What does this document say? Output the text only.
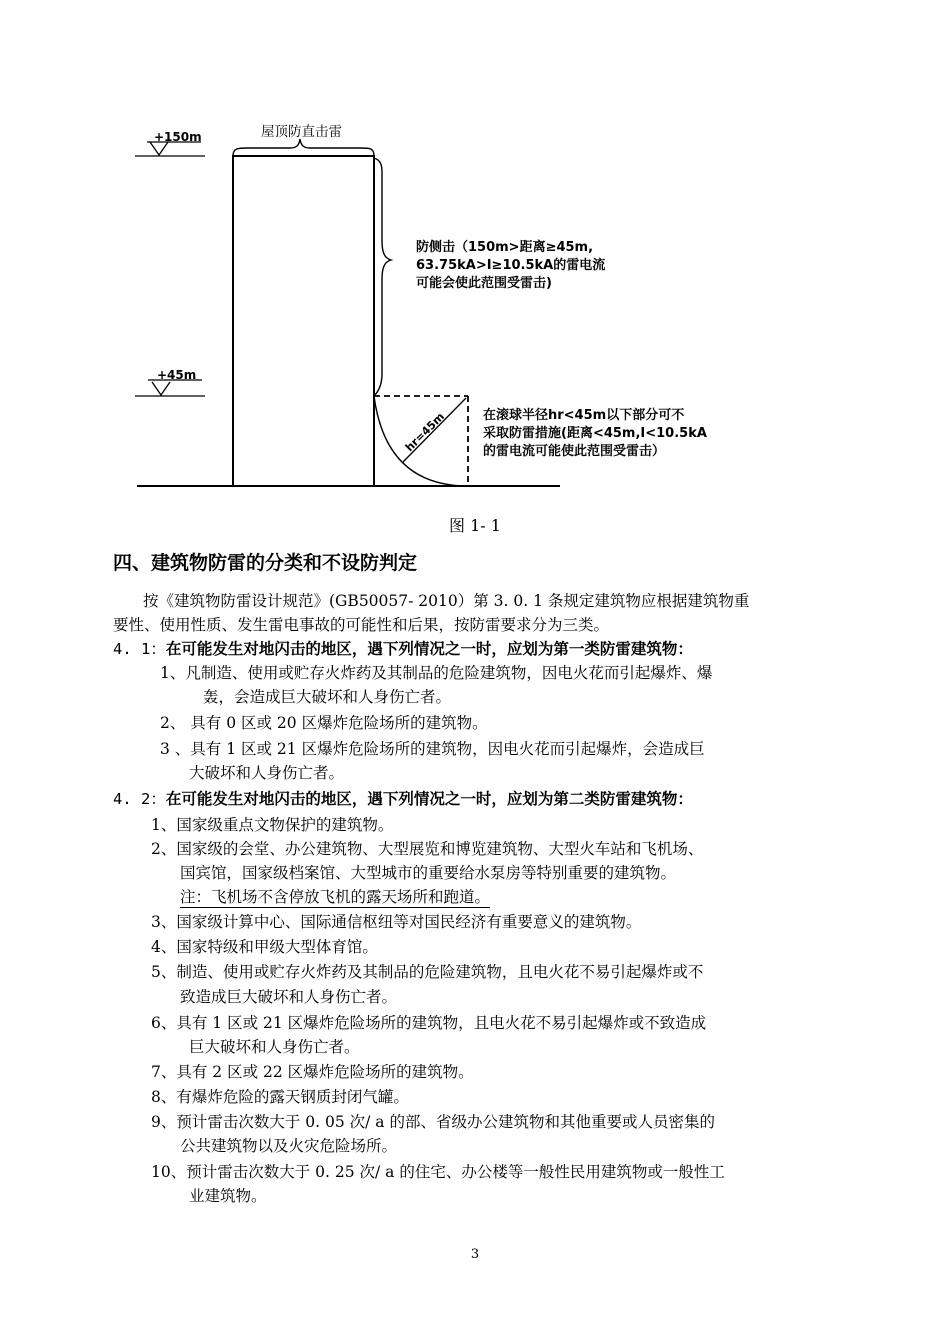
hr=45m
+150m
+45m
屋顶防直击雷
防侧击（150m>距离≥45m,
63.75kA>I≥10.5kA的雷电流
可能会使此范围受雷击)
在滚球半径hr<45m以下部分可不
采取防雷措施(距离<45m,I<10.5kA
的雷电流可能使此范围受雷击）
图 1- 1
四、建筑物防雷的分类和不设防判定
按《建筑物防雷设计规范》(GB50057- 2010）第 3. 0. 1 条规定建筑物应根据建筑物重
要性、使用性质、发生雷电事故的可能性和后果，按防雷要求分为三类。
4. 1：在可能发生对地闪击的地区，遇下列情况之一时，应划为第一类防雷建筑物：
1、凡制造、使用或贮存火炸药及其制品的危险建筑物，因电火花而引起爆炸、爆
轰，会造成巨大破坏和人身伤亡者。
2、 具有 0 区或 20 区爆炸危险场所的建筑物。
3 、具有 1 区或 21 区爆炸危险场所的建筑物，因电火花而引起爆炸，会造成巨
大破坏和人身伤亡者。
4. 2：在可能发生对地闪击的地区，遇下列情况之一时，应划为第二类防雷建筑物：
1、国家级重点文物保护的建筑物。
2、国家级的会堂、办公建筑物、大型展览和博览建筑物、大型火车站和飞机场、
国宾馆，国家级档案馆、大型城市的重要给水泵房等特别重要的建筑物。
注：飞机场不含停放飞机的露天场所和跑道。
3、国家级计算中心、国际通信枢纽等对国民经济有重要意义的建筑物。
4、国家特级和甲级大型体育馆。
5、制造、使用或贮存火炸药及其制品的危险建筑物，且电火花不易引起爆炸或不
致造成巨大破坏和人身伤亡者。
6、具有 1 区或 21 区爆炸危险场所的建筑物，且电火花不易引起爆炸或不致造成
巨大破坏和人身伤亡者。
7、具有 2 区或 22 区爆炸危险场所的建筑物。
8、有爆炸危险的露天钢质封闭气罐。
9、预计雷击次数大于 0. 05 次/ a 的部、省级办公建筑物和其他重要或人员密集的
公共建筑物以及火灾危险场所。
10、预计雷击次数大于 0. 25 次/ a 的住宅、办公楼等一般性民用建筑物或一般性工
业建筑物。
3
